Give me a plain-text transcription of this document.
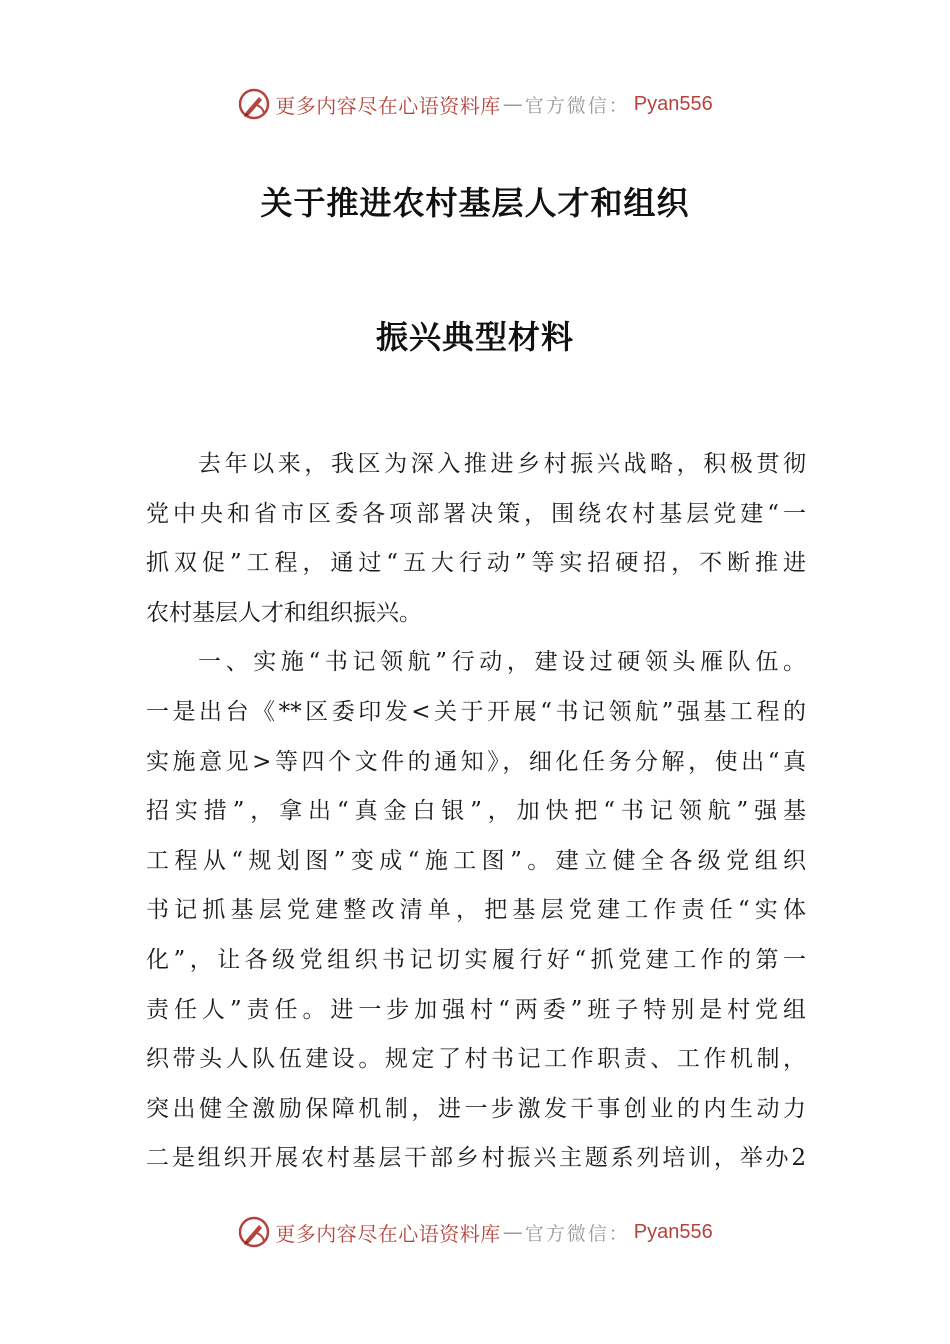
更多内容尽在心语资料库 — 官方微信： Pyan556
关于推进农村基层人才和组织
振兴典型材料
去年以来，我区为深入推进乡村振兴战略，积极贯彻
党中央和省市区委各项部署决策，围绕农村基层党建“一
抓双促”工程，通过“五大行动”等实招硬招，不断推进
农村基层人才和组织振兴。
一、实施“书记领航”行动，建设过硬领头雁队伍。
一是出台《**区委印发<关于开展“书记领航”强基工程的
实施意见>等四个文件的通知》，细化任务分解，使出“真
招实措”，拿出“真金白银”，加快把“书记领航”强基
工程从“规划图”变成“施工图”。建立健全各级党组织
书记抓基层党建整改清单，把基层党建工作责任“实体
化”，让各级党组织书记切实履行好“抓党建工作的第一
责任人”责任。进一步加强村“两委”班子特别是村党组
织带头人队伍建设。规定了村书记工作职责、工作机制，
突出健全激励保障机制，进一步激发干事创业的内生动力
二是组织开展农村基层干部乡村振兴主题系列培训，举办2
更多内容尽在心语资料库 — 官方微信： Pyan556
